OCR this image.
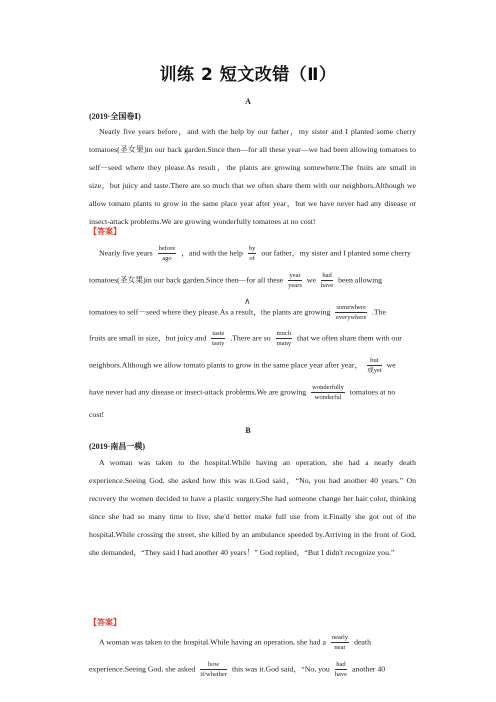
训练 2 短文改错（Ⅱ）
A
(2019·全国卷Ⅰ)
Nearly five years before，and with the help by our father，my sister and I planted some cherry tomatoes(圣女果)in our back garden.Since then—for all these year—we had been allowing tomatoes to self－seed where they please.As result，the plants are growing somewhere.The fruits are small in size，but juicy and taste.There are so much that we often share them with our neighbors.Although we allow tomato plants to grow in the same place year after year，but we have never had any disease or insect-attack problems.We are growing wonderfully tomatoes at no cost!
【答案】
Nearly five years before
ago
，and with the help $\frac{by}{of}$ our father，my sister and I planted some cherry
tomatoes(圣女果)in our back garden.Since then—for all these year
years
we had
have
been allowing
∧
tomatoes to self－seed where they please.As a result，the plants are growing somewhere
everywhere
.The
fruits are small in size，but juicy and taste
tasty
.There are so much
many
that we often share them with our
neighbors.Although we allow tomato plants to grow in the same place year after year，	but
或yet
we
have never had any disease or insect-attack problems.We are growing wonderfully
wonderful
tomatoes at no
cost!
B
(2019·南昌一模)
A woman was taken to the hospital.While having an operation, she had a nearly death experience.Seeing God, she asked how this was it.God said，“No, you had another 40 years.” On recovery the women decided to have a plastic surgery.She had someone change her hair color, thinking since she had so many time to live, she'd better make full use from it.Finally she got out of the hospital.While crossing the street, she killed by an ambulance speeded by.Arriving in the front of God, she demanded，“They said I had another 40 years！” God replied，“But I didn't recognize you.”
【答案】
A woman was taken to the hospital.While having an operation, she had a nearly
near
death
experience.Seeing God, she asked	how
if/whether
this was it.God said，“No, you had
have
another 40
